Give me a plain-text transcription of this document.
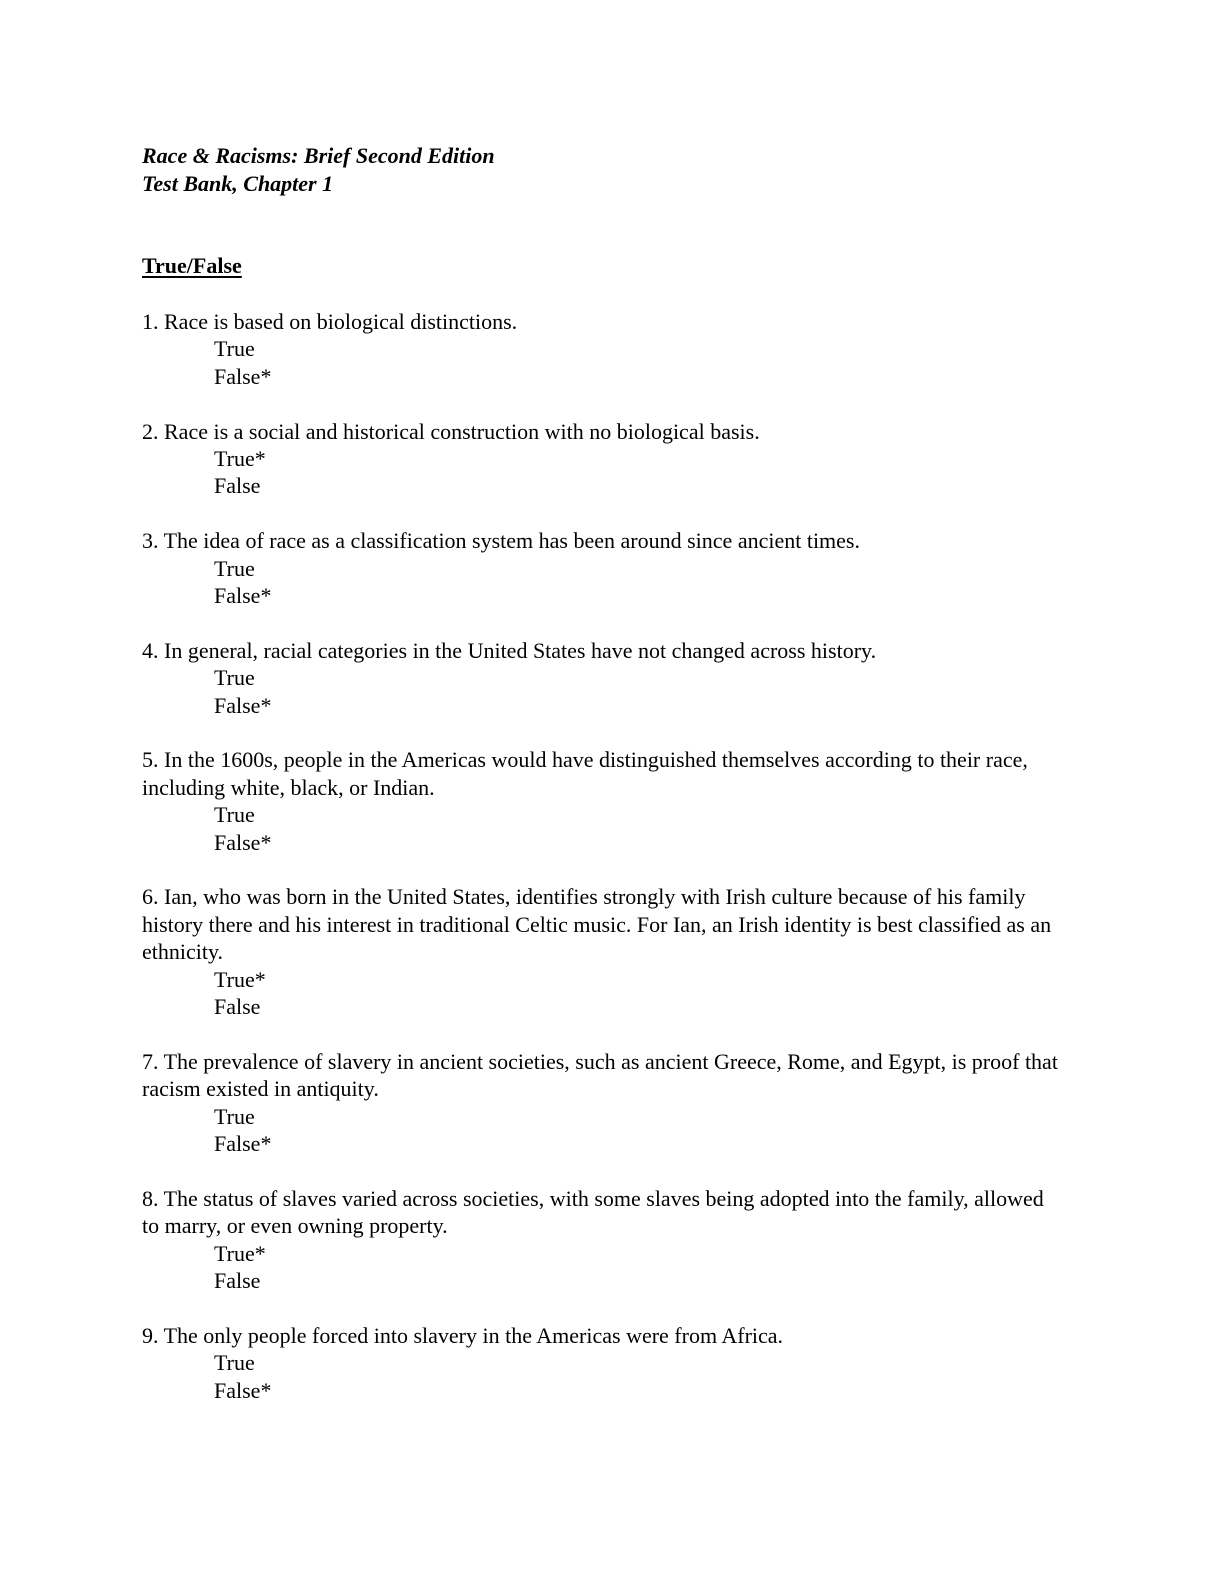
Race & Racisms: Brief Second Edition
Test Bank, Chapter 1
True/False
1. Race is based on biological distinctions.
True
False*
2. Race is a social and historical construction with no biological basis.
True*
False
3. The idea of race as a classification system has been around since ancient times.
True
False*
4. In general, racial categories in the United States have not changed across history.
True
False*
5. In the 1600s, people in the Americas would have distinguished themselves according to their race, including white, black, or Indian.
True
False*
6. Ian, who was born in the United States, identifies strongly with Irish culture because of his family history there and his interest in traditional Celtic music. For Ian, an Irish identity is best classified as an ethnicity.
True*
False
7. The prevalence of slavery in ancient societies, such as ancient Greece, Rome, and Egypt, is proof that racism existed in antiquity.
True
False*
8. The status of slaves varied across societies, with some slaves being adopted into the family, allowed to marry, or even owning property.
True*
False
9. The only people forced into slavery in the Americas were from Africa.
True
False*
